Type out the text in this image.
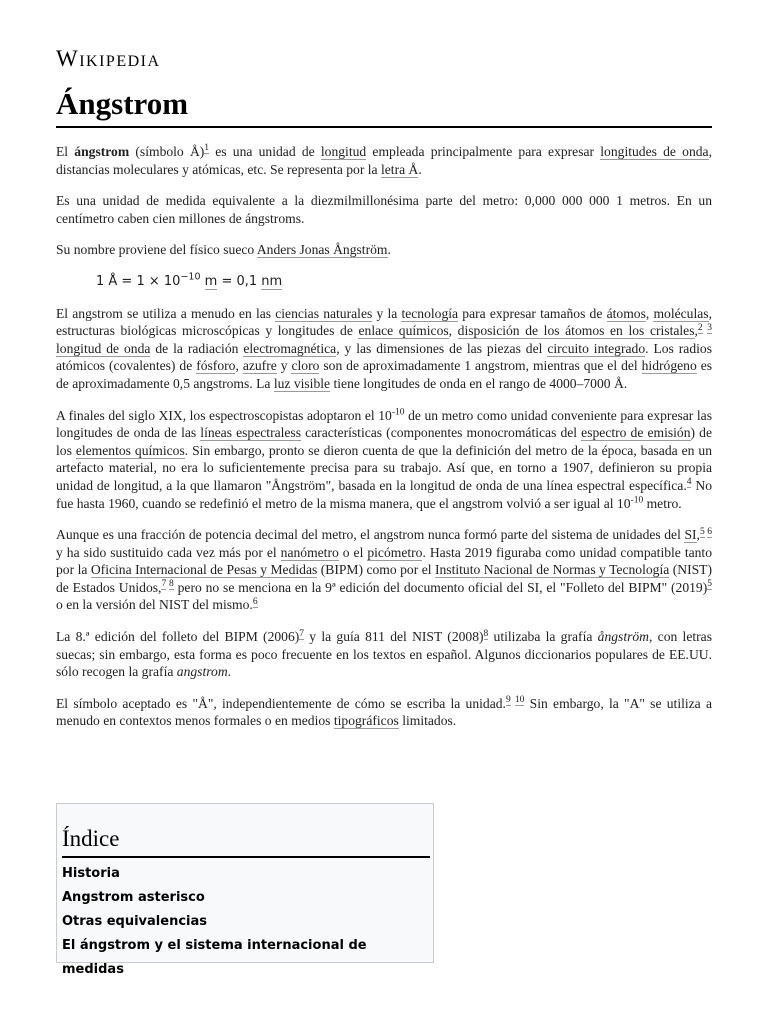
Wikipedia
Ángstrom

El ángstrom (símbolo Å)$^1$ es una unidad de longitud empleada principalmente para expresar longitudes de onda, distancias moleculares y atómicas, etc. Se representa por la letra Å.

Es una unidad de medida equivalente a la diezmilmillonésima parte del metro: 0,000 000 000 1 metros. En un centímetro caben cien millones de ángstroms.

Su nombre proviene del físico sueco Anders Jonas Ångström.

1 Å = $1 \times 10^{-10}$ m = 0,1 nm

El angstrom se utiliza a menudo en las ciencias naturales y la tecnología para expresar tamaños de átomos, moléculas, estructuras biológicas microscópicas y longitudes de enlace químicos, disposición de los átomos en los cristales,$^{2 3}$ longitud de onda de la radiación electromagnética, y las dimensiones de las piezas del circuito integrado. Los radios atómicos (covalentes) de fósforo, azufre y cloro son de aproximadamente 1 angstrom, mientras que el del hidrógeno es de aproximadamente 0,5 angstroms. La luz visible tiene longitudes de onda en el rango de 4000–7000 Å.

A finales del siglo XIX, los espectroscopistas adoptaron el $10^{-10}$ de un metro como unidad conveniente para expresar las longitudes de onda de las líneas espectraless características (componentes monocromáticas del espectro de emisión) de los elementos químicos. Sin embargo, pronto se dieron cuenta de que la definición del metro de la época, basada en un artefacto material, no era lo suficientemente precisa para su trabajo. Así que, en torno a 1907, definieron su propia unidad de longitud, a la que llamaron "Ångström", basada en la longitud de onda de una línea espectral específica.$^4$ No fue hasta 1960, cuando se redefinió el metro de la misma manera, que el angstrom volvió a ser igual al $10^{-10}$ metro.

Aunque es una fracción de potencia decimal del metro, el angstrom nunca formó parte del sistema de unidades del SI,$^{5 6}$ y ha sido sustituido cada vez más por el nanómetro o el picómetro. Hasta 2019 figuraba como unidad compatible tanto por la Oficina Internacional de Pesas y Medidas (BIPM) como por el Instituto Nacional de Normas y Tecnología (NIST) de Estados Unidos,$^{7 8}$ pero no se menciona en la 9ª edición del documento oficial del SI, el "Folleto del BIPM" $(2019)^5$ o en la versión del NIST del mismo.$^6$

La 8.ª edición del folleto del BIPM $(2006)^7$ y la guía 811 del NIST $(2008)^8$ utilizaba la grafía ångström, con letras suecas; sin embargo, esta forma es poco frecuente en los textos en español. Algunos diccionarios populares de EE.UU. sólo recogen la grafía angstrom.

El símbolo aceptado es "Å", independientemente de cómo se escriba la unidad.$^{9 10}$ Sin embargo, la "A" se utiliza a menudo en contextos menos formales o en medios tipográficos limitados.

Índice
Historia
Angstrom asterisco
Otras equivalencias
El ángstrom y el sistema internacional de medidas
